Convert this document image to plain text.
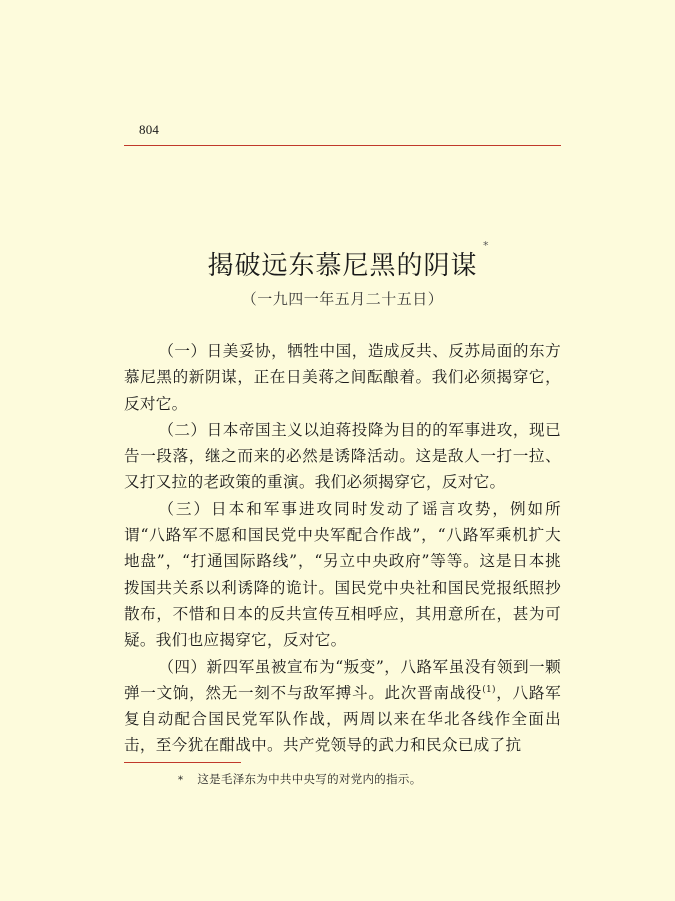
804
揭破远东慕尼黑的阴谋
*
（一九四一年五月二十五日）

（一）日美妥协，牺牲中国，造成反共、反苏局面的东方慕尼黑的新阴谋，正在日美蒋之间酝酿着。我们必须揭穿它，反对它。

（二）日本帝国主义以迫蒋投降为目的的军事进攻，现已告一段落，继之而来的必然是诱降活动。这是敌人一打一拉、又打又拉的老政策的重演。我们必须揭穿它，反对它。

（三）日本和军事进攻同时发动了谣言攻势，例如所谓“八路军不愿和国民党中央军配合作战”，“八路军乘机扩大地盘”，“打通国际路线”，“另立中央政府”等等。这是日本挑拨国共关系以利诱降的诡计。国民党中央社和国民党报纸照抄散布，不惜和日本的反共宣传互相呼应，其用意所在，甚为可疑。我们也应揭穿它，反对它。

（四）新四军虽被宣布为“叛变”，八路军虽没有领到一颗弹一文饷，然无一刻不与敌军搏斗。此次晋南战役$^{(1)}$，八路军复自动配合国民党军队作战，两周以来在华北各线作全面出击，至今犹在酣战中。共产党领导的武力和民众已成了抗

* 这是毛泽东为中共中央写的对党内的指示。
